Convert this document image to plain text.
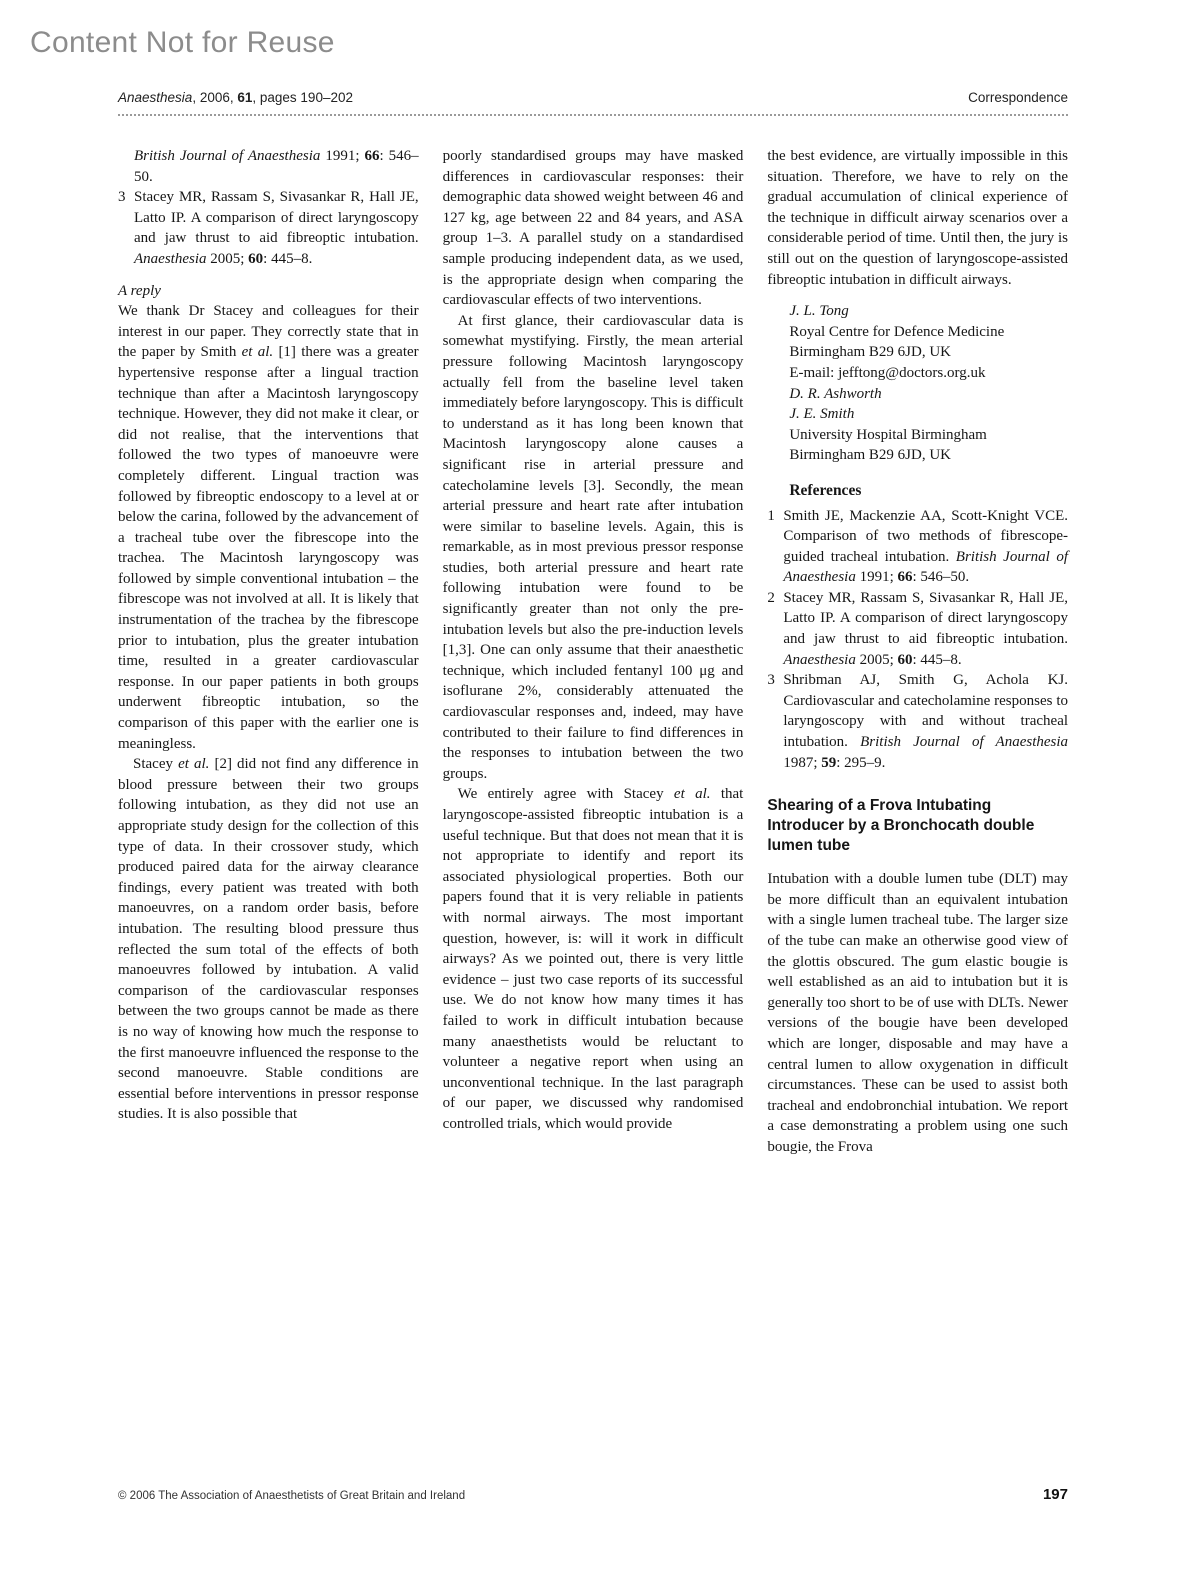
Content Not for Reuse
Anaesthesia, 2006, 61, pages 190–202	Correspondence
British Journal of Anaesthesia 1991; 66: 546–50.
3 Stacey MR, Rassam S, Sivasankar R, Hall JE, Latto IP. A comparison of direct laryngoscopy and jaw thrust to aid fibreoptic intubation. Anaesthesia 2005; 60: 445–8.
A reply
We thank Dr Stacey and colleagues for their interest in our paper. They correctly state that in the paper by Smith et al. [1] there was a greater hypertensive response after a lingual traction technique than after a Macintosh laryngoscopy technique. However, they did not make it clear, or did not realise, that the interventions that followed the two types of manoeuvre were completely different. Lingual traction was followed by fibreoptic endoscopy to a level at or below the carina, followed by the advancement of a tracheal tube over the fibrescope into the trachea. The Macintosh laryngoscopy was followed by simple conventional intubation – the fibrescope was not involved at all. It is likely that instrumentation of the trachea by the fibrescope prior to intubation, plus the greater intubation time, resulted in a greater cardiovascular response. In our paper patients in both groups underwent fibreoptic intubation, so the comparison of this paper with the earlier one is meaningless.
Stacey et al. [2] did not find any difference in blood pressure between their two groups following intubation, as they did not use an appropriate study design for the collection of this type of data. In their crossover study, which produced paired data for the airway clearance findings, every patient was treated with both manoeuvres, on a random order basis, before intubation. The resulting blood pressure thus reflected the sum total of the effects of both manoeuvres followed by intubation. A valid comparison of the cardiovascular responses between the two groups cannot be made as there is no way of knowing how much the response to the first manoeuvre influenced the response to the second manoeuvre. Stable conditions are essential before interventions in pressor response studies. It is also possible that
poorly standardised groups may have masked differences in cardiovascular responses: their demographic data showed weight between 46 and 127 kg, age between 22 and 84 years, and ASA group 1–3. A parallel study on a standardised sample producing independent data, as we used, is the appropriate design when comparing the cardiovascular effects of two interventions.
At first glance, their cardiovascular data is somewhat mystifying. Firstly, the mean arterial pressure following Macintosh laryngoscopy actually fell from the baseline level taken immediately before laryngoscopy. This is difficult to understand as it has long been known that Macintosh laryngoscopy alone causes a significant rise in arterial pressure and catecholamine levels [3]. Secondly, the mean arterial pressure and heart rate after intubation were similar to baseline levels. Again, this is remarkable, as in most previous pressor response studies, both arterial pressure and heart rate following intubation were found to be significantly greater than not only the pre-intubation levels but also the pre-induction levels [1,3]. One can only assume that their anaesthetic technique, which included fentanyl 100 μg and isoflurane 2%, considerably attenuated the cardiovascular responses and, indeed, may have contributed to their failure to find differences in the responses to intubation between the two groups.
We entirely agree with Stacey et al. that laryngoscope-assisted fibreoptic intubation is a useful technique. But that does not mean that it is not appropriate to identify and report its associated physiological properties. Both our papers found that it is very reliable in patients with normal airways. The most important question, however, is: will it work in difficult airways? As we pointed out, there is very little evidence – just two case reports of its successful use. We do not know how many times it has failed to work in difficult intubation because many anaesthetists would be reluctant to volunteer a negative report when using an unconventional technique. In the last paragraph of our paper, we discussed why randomised controlled trials, which would provide
the best evidence, are virtually impossible in this situation. Therefore, we have to rely on the gradual accumulation of clinical experience of the technique in difficult airway scenarios over a considerable period of time. Until then, the jury is still out on the question of laryngoscope-assisted fibreoptic intubation in difficult airways.
J. L. Tong
Royal Centre for Defence Medicine
Birmingham B29 6JD, UK
E-mail: jefftong@doctors.org.uk
D. R. Ashworth
J. E. Smith
University Hospital Birmingham
Birmingham B29 6JD, UK
References
1 Smith JE, Mackenzie AA, Scott-Knight VCE. Comparison of two methods of fibrescope-guided tracheal intubation. British Journal of Anaesthesia 1991; 66: 546–50.
2 Stacey MR, Rassam S, Sivasankar R, Hall JE, Latto IP. A comparison of direct laryngoscopy and jaw thrust to aid fibreoptic intubation. Anaesthesia 2005; 60: 445–8.
3 Shribman AJ, Smith G, Achola KJ. Cardiovascular and catecholamine responses to laryngoscopy with and without tracheal intubation. British Journal of Anaesthesia 1987; 59: 295–9.
Shearing of a Frova Intubating Introducer by a Bronchocath double lumen tube
Intubation with a double lumen tube (DLT) may be more difficult than an equivalent intubation with a single lumen tracheal tube. The larger size of the tube can make an otherwise good view of the glottis obscured. The gum elastic bougie is well established as an aid to intubation but it is generally too short to be of use with DLTs. Newer versions of the bougie have been developed which are longer, disposable and may have a central lumen to allow oxygenation in difficult circumstances. These can be used to assist both tracheal and endobronchial intubation. We report a case demonstrating a problem using one such bougie, the Frova
© 2006 The Association of Anaesthetists of Great Britain and Ireland	197
